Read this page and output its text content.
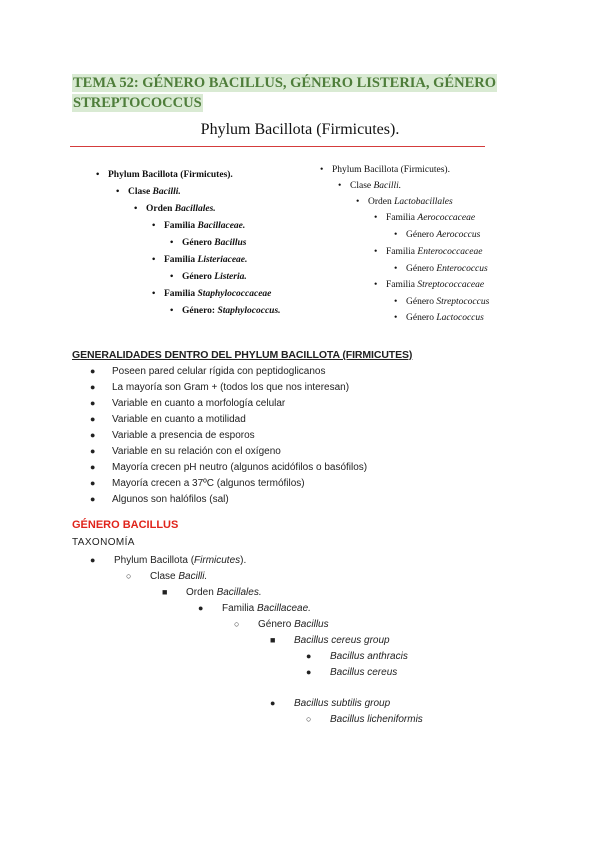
TEMA 52: GÉNERO BACILLUS, GÉNERO LISTERIA, GÉNERO
STREPTOCOCCUS
Phylum Bacillota (Firmicutes).
• Phylum Bacillota (Firmicutes).
• Clase Bacilli.
• Orden Bacillales.
• Familia Bacillaceae.
• Género Bacillus
• Familia Listeriaceae.
• Género Listeria.
• Familia Staphylococcaceae
• Género: Staphylococcus.
• Phylum Bacillota (Firmicutes).
• Clase Bacilli.
• Orden Lactobacillales
• Familia Aerococcaceae
• Género Aerococcus
• Familia Enterococcaceae
• Género Enterococcus
• Familia Streptococcaceae
• Género Streptococcus
• Género Lactococcus
GENERALIDADES DENTRO DEL PHYLUM BACILLOTA (FIRMICUTES)
● Poseen pared celular rígida con peptidoglicanos
● La mayoría son Gram + (todos los que nos interesan)
● Variable en cuanto a morfología celular
● Variable en cuanto a motilidad
● Variable a presencia de esporos
● Variable en su relación con el oxígeno
● Mayoría crecen pH neutro (algunos acidófilos o basófilos)
● Mayoría crecen a 37ºC (algunos termófilos)
● Algunos son halófilos (sal)
GÉNERO BACILLUS
TAXONOMÍA
● Phylum Bacillota (Firmicutes).
○ Clase Bacilli.
■ Orden Bacillales.
● Familia Bacillaceae.
○ Género Bacillus
■ Bacillus cereus group
● Bacillus anthracis
● Bacillus cereus
● Bacillus subtilis group
○ Bacillus licheniformis
